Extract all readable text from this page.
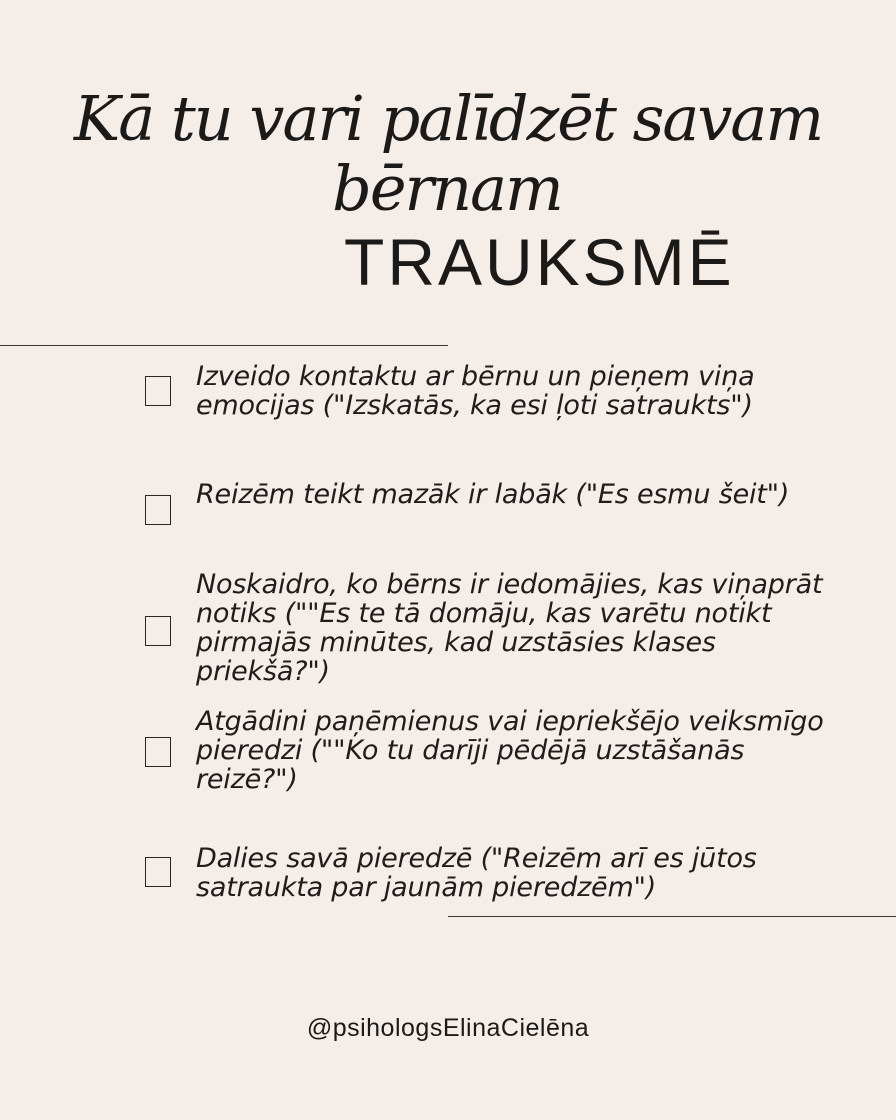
Kā tu vari palīdzēt savam
bērnam
TRAUKSMĒ

Izveido kontaktu ar bērnu un pieņem viņa emocijas ("Izskatās, ka esi ļoti satraukts")

Reizēm teikt mazāk ir labāk ("Es esmu šeit")

Noskaidro, ko bērns ir iedomājies, kas viņaprāt notiks (""Es te tā domāju, kas varētu notikt pirmajās minūtes, kad uzstāsies klases priekšā?")

Atgādini paņēmienus vai iepriekšējo veiksmīgo pieredzi (""Ko tu darīji pēdējā uzstāšanās reizē?")

Dalies savā pieredzē ("Reizēm arī es jūtos satraukta par jaunām pieredzēm")

@psihologsElinaCielēna
